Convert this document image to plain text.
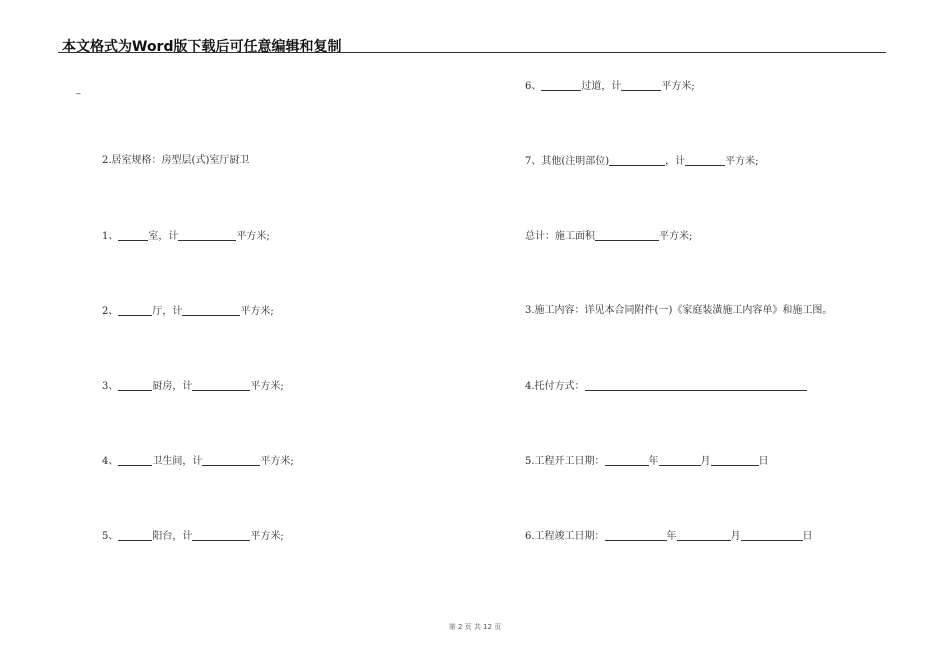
本文格式为Word版下载后可任意编辑和复制
_
2.居室规格：房型层(式)室厅厨卫
1、	室，计	平方米;
2、	厅，计	平方米;
3、	厨房，计	平方米;
4、	卫生间，计	平方米;
5、	阳台，计	平方米;
6、	过道，计	平方米;
7、其他(注明部位)	，计	平方米;
总计：施工面积	平方米;
3.施工内容：详见本合同附件(一)《家庭装潢施工内容单》和施工图。
4.托付方式：
5.工程开工日期：	年	月	日
6.工程竣工日期：	年	月	日
第 2 页 共 12 页
